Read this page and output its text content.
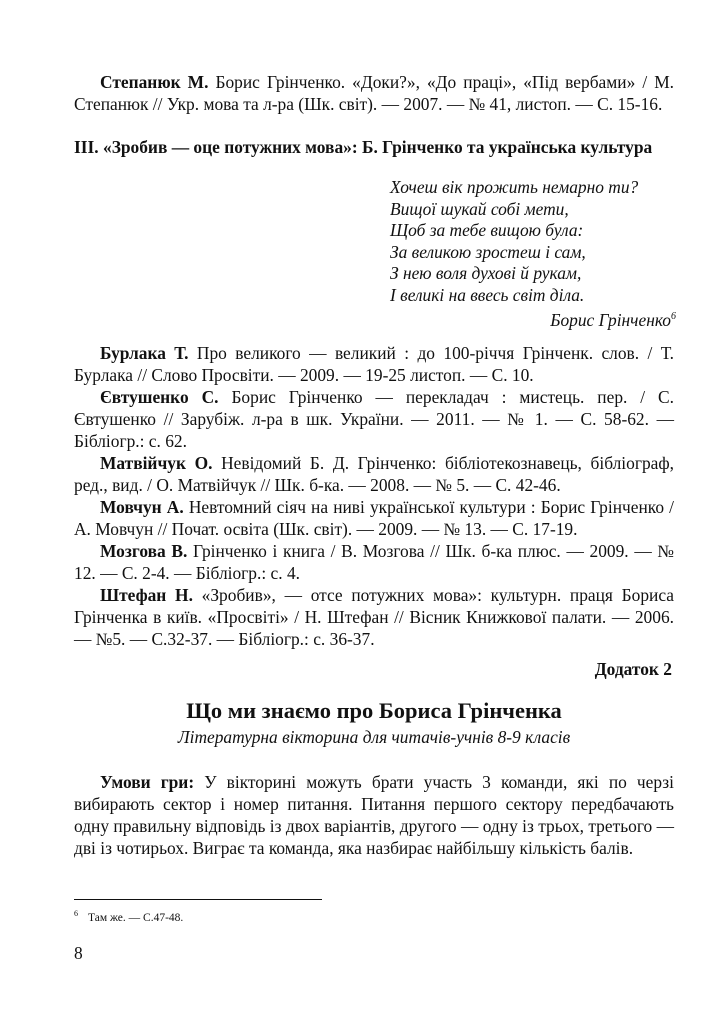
Степанюк М. Борис Грінченко. «Доки?», «До праці», «Під вербами» / М. Степанюк // Укр. мова та л-ра (Шк. світ). — 2007. — № 41, листоп. — С. 15-16.

ІІІ. «Зробив — оце потужних мова»: Б. Грінченко та українська культура
Хочеш вік прожить немарно ти?
Вищої шукай собі мети,
Щоб за тебе вищою була:
За великою зростеш і сам,
З нею воля духові й рукам,
І великі на ввесь світ діла.
Борис Грінченко$^6$

Бурлака Т. Про великого — великий : до 100-річчя Грінченк. слов. / Т. Бурлака // Слово Просвіти. — 2009. — 19-25 листоп. — С. 10.

Євтушенко С. Борис Грінченко — перекладач : мистець. пер. / С. Євтушенко // Зарубіж. л-ра в шк. України. — 2011. — № 1. — С. 58-62. — Бібліогр.: с. 62.

Матвійчук О. Невідомий Б. Д. Грінченко: бібліотекознавець, бібліограф, ред., вид. / О. Матвійчук // Шк. б-ка. — 2008. — № 5. — С. 42-46.

Мовчун А. Невтомний сіяч на ниві української культури : Борис Грінченко / А. Мовчун // Почат. освіта (Шк. світ). — 2009. — № 13. — С. 17-19.

Мозгова В. Грінченко і книга / В. Мозгова // Шк. б-ка плюс. — 2009. — № 12. — С. 2-4. — Бібліогр.: с. 4.

Штефан Н. «Зробив», — отсе потужних мова»: культурн. праця Бориса Грінченка в київ. «Просвіті» / Н. Штефан // Вісник Книжкової палати. — 2006. — №5. — С.32-37. — Бібліогр.: с. 36-37.

Додаток 2
Що ми знаємо про Бориса Грінченка
Літературна вікторина для читачів-учнів 8-9 класів

Умови гри: У вікторині можуть брати участь 3 команди, які по черзі вибирають сектор і номер питання. Питання першого сектору передбачають одну правильну відповідь із двох варіантів, другого — одну із трьох, третього — дві із чотирьох. Виграє та команда, яка назбирає найбільшу кількість балів.

$^6$ Там же. — С.47-48.
8
